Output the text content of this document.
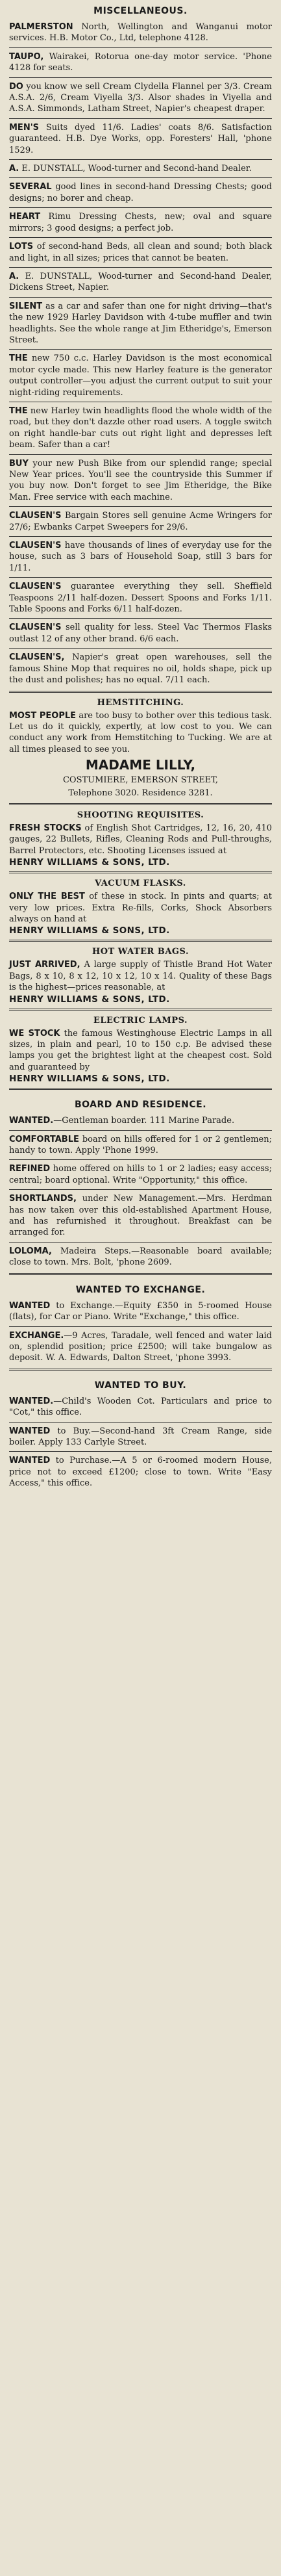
MISCELLANEOUS.
PALMERSTON North, Wellington and Wanganui motor services. H.B. Motor Co., Ltd, telephone 4128.
TAUPO, Wairakei, Rotorua one-day motor service. 'Phone 4128 for seats.
DO you know we sell Cream Clydella Flannel per 3/3. Cream A.S.A. 2/6, Cream Viyella 3/3. Alsor shades in Viyella and A.S.A. Simmonds, Latham Street, Napier's cheapest draper.
MEN'S Suits dyed 11/6. Ladies' coats 8/6. Satisfaction guaranteed. H.B. Dye Works, opp. Foresters' Hall, 'phone 1529.
A. E. DUNSTALL, Wood-turner and Second-hand Dealer.
SEVERAL good lines in second-hand Dressing Chests; good designs; no borer and cheap.
HEART Rimu Dressing Chests, new; oval and square mirrors; 3 good designs; a perfect job.
LOTS of second-hand Beds, all clean and sound; both black and light, in all sizes; prices that cannot be beaten.
A. E. DUNSTALL, Wood-turner and Second-hand Dealer, Dickens Street, Napier.
SILENT as a car and safer than one for night driving—that's the new 1929 Harley Davidson with 4-tube muffler and twin headlights. See the whole range at Jim Etheridge's, Emerson Street.
THE new 750 c.c. Harley Davidson is the most economical motor cycle made. This new Harley feature is the generator output controller—you adjust the current output to suit your night-riding requirements.
THE new Harley twin headlights flood the whole width of the road, but they don't dazzle other road users. A toggle switch on right handle-bar cuts out right light and depresses left beam. Safer than a car!
BUY your new Push Bike from our splendid range; special New Year prices. You'll see the countryside this Summer if you buy now. Don't forget to see Jim Etheridge, the Bike Man. Free service with each machine.
CLAUSEN'S Bargain Stores sell genuine Acme Wringers for 27/6; Ewbanks Carpet Sweepers for 29/6.
CLAUSEN'S have thousands of lines of everyday use for the house, such as 3 bars of Household Soap, still 3 bars for 1/11.
CLAUSEN'S guarantee everything they sell. Sheffield Teaspoons 2/11 half-dozen. Dessert Spoons and Forks 1/11. Table Spoons and Forks 6/11 half-dozen.
CLAUSEN'S sell quality for less. Steel Vac Thermos Flasks outlast 12 of any other brand. 6/6 each.
CLAUSEN'S, Napier's great open warehouses, sell the famous Shine Mop that requires no oil, holds shape, pick up the dust and polishes; has no equal. 7/11 each.
HEMSTITCHING.
MOST PEOPLE are too busy to bother over this tedious task. Let us do it quickly, expertly, at low cost to you. We can conduct any work from Hemstitching to Tucking. We are at all times pleased to see you.
MADAME LILLY,
COSTUMIERE, EMERSON STREET,
Telephone 3020. Residence 3281.
SHOOTING REQUISITES.
FRESH STOCKS of English Shot Cartridges, 12, 16, 20, 410 gauges, 22 Bullets, Rifles, Cleaning Rods and Pull-throughs, Barrel Protectors, etc. Shooting Licenses issued at
HENRY WILLIAMS & SONS, LTD.
VACUUM FLASKS.
ONLY THE BEST of these in stock. In pints and quarts; at very low prices. Extra Re-fills, Corks, Shock Absorbers always on hand at
HENRY WILLIAMS & SONS, LTD.
HOT WATER BAGS.
JUST ARRIVED, A large supply of Thistle Brand Hot Water Bags, 8 x 10, 8 x 12, 10 x 12, 10 x 14. Quality of these Bags is the highest—prices reasonable, at
HENRY WILLIAMS & SONS, LTD.
ELECTRIC LAMPS.
WE STOCK the famous Westinghouse Electric Lamps in all sizes, in plain and pearl, 10 to 150 c.p. Be advised these lamps you get the brightest light at the cheapest cost. Sold and guaranteed by
HENRY WILLIAMS & SONS, LTD.
BOARD AND RESIDENCE.
WANTED.—Gentleman boarder. 111 Marine Parade.
COMFORTABLE board on hills offered for 1 or 2 gentlemen; handy to town. Apply 'Phone 1999.
REFINED home offered on hills to 1 or 2 ladies; easy access; central; board optional. Write "Opportunity," this office.
SHORTLANDS, under New Management.—Mrs. Herdman has now taken over this old-established Apartment House, and has refurnished it throughout. Breakfast can be arranged for.
LOLOMA, Madeira Steps.—Reasonable board available; close to town. Mrs. Bolt, 'phone 2609.
WANTED TO EXCHANGE.
WANTED to Exchange.—Equity £350 in 5-roomed House (flats), for Car or Piano. Write "Exchange," this office.
EXCHANGE.—9 Acres, Taradale, well fenced and water laid on, splendid position; price £2500; will take bungalow as deposit. W. A. Edwards, Dalton Street, 'phone 3993.
WANTED TO BUY.
WANTED.—Child's Wooden Cot. Particulars and price to "Cot," this office.
WANTED to Buy.—Second-hand 3ft Cream Range, side boiler. Apply 133 Carlyle Street.
WANTED to Purchase.—A 5 or 6-roomed modern House, price not to exceed £1200; close to town. Write "Easy Access," this office.
